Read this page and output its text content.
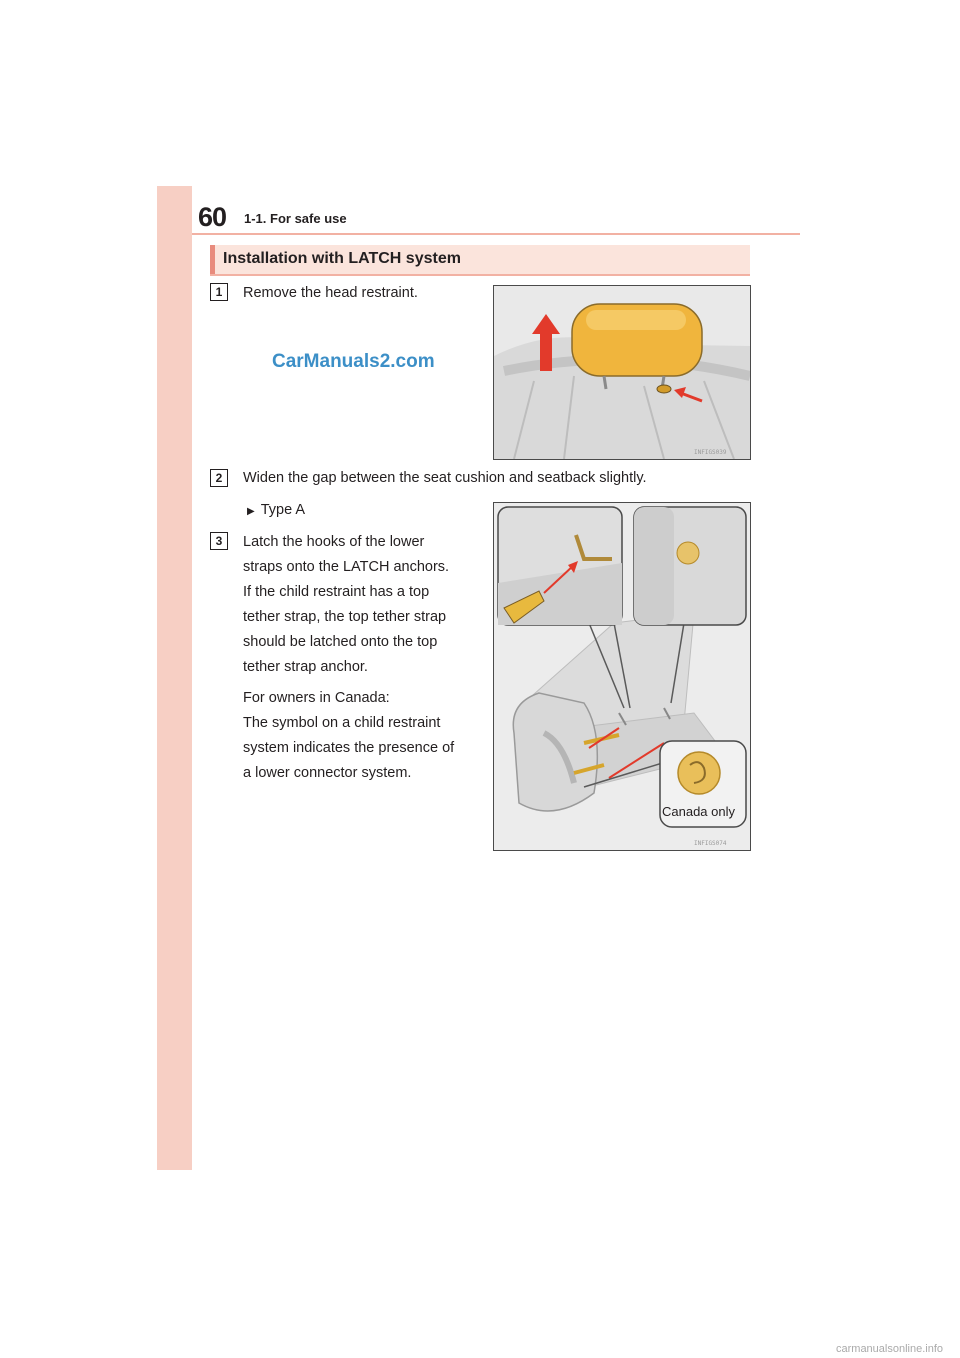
60 1-1. For safe use
Installation with LATCH system
1	Remove the head restraint.
CarManuals2.com
INFIGS039
2	Widen the gap between the seat cushion and seatback slightly.
▶ Type A
3	Latch the hooks of the lower
straps onto the LATCH anchors.
If the child restraint has a top
tether strap, the top tether strap
should be latched onto the top
tether strap anchor.
For owners in Canada:
The symbol on a child restraint
system indicates the presence of
a lower connector system.
INFIGS074
Canada only
carmanualsonline.info
